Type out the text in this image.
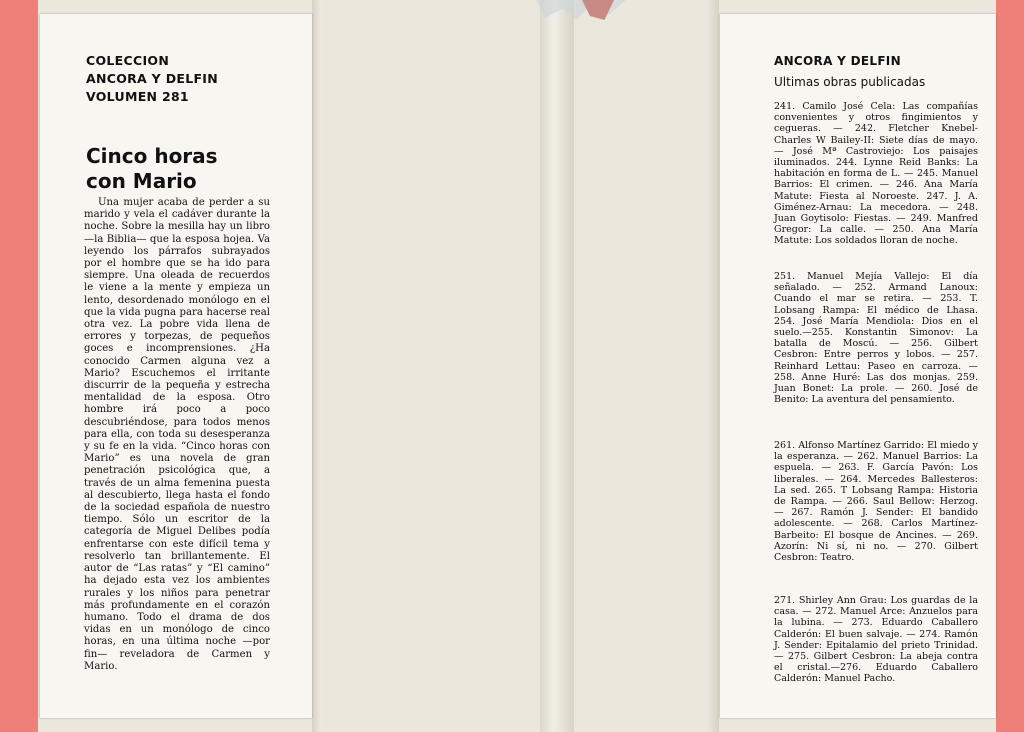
COLECCION
ANCORA Y DELFIN
VOLUMEN 281
Cinco horas
con Mario

Una mujer acaba de perder a su marido y vela el cadáver durante la noche. Sobre la mesilla hay un libro —la Biblia— que la esposa hojea. Va leyendo los párrafos subrayados por el hombre que se ha ido para siempre. Una oleada de recuerdos le viene a la mente y empieza un lento, desordenado monólogo en el que la vida pugna para hacerse real otra vez. La pobre vida llena de errores y torpezas, de pequeños goces e incomprensiones. ¿Ha conocido Carmen alguna vez a Mario? Escuchemos el irritante discurrir de la pequeña y estrecha mentalidad de la esposa. Otro hombre irá poco a poco descubriéndose, para todos menos para ella, con toda su desesperanza y su fe en la vida. “Cinco horas con Mario” es una novela de gran penetración psicológica que, a través de un alma femenina puesta al descubierto, llega hasta el fondo de la sociedad española de nuestro tiempo. Sólo un escritor de la categoría de Miguel Delibes podía enfrentarse con este difícil tema y resolverlo tan brillantemente. El autor de “Las ratas” y “El camino” ha dejado esta vez los ambientes rurales y los niños para penetrar más profundamente en el corazón humano. Todo el drama de dos vidas en un monólogo de cinco horas, en una última noche —por fin— reveladora de Carmen y Mario.

ANCORA Y DELFIN
Ultimas obras publicadas

241. Camilo José Cela: Las compañías convenientes y otros fingimientos y cegueras. — 242. Fletcher Knebel-Charles W Bailey-II: Siete días de mayo. — José Mª Castroviejo: Los paisajes iluminados. 244. Lynne Reid Banks: La habitación en forma de L. — 245. Manuel Barrios: El crimen. — 246. Ana María Matute: Fiesta al Noroeste. 247. J. A. Giménez-Arnau: La mecedora. — 248. Juan Goytisolo: Fiestas. — 249. Manfred Gregor: La calle. — 250. Ana María Matute: Los soldados lloran de noche.

251. Manuel Mejía Vallejo: El día señalado. — 252. Armand Lanoux: Cuando el mar se retira. — 253. T. Lobsang Rampa: El médico de Lhasa. 254. José María Mendiola: Dios en el suelo.—255. Konstantin Simonov: La batalla de Moscú. — 256. Gilbert Cesbron: Entre perros y lobos. — 257. Reinhard Lettau: Paseo en carroza. — 258. Anne Huré: Las dos monjas. 259. Juan Bonet: La prole. — 260. José de Benito: La aventura del pensamiento.

261. Alfonso Martínez Garrido: El miedo y la esperanza. — 262. Manuel Barrios: La espuela. — 263. F. García Pavón: Los liberales. — 264. Mercedes Ballesteros: La sed. 265. T Lobsang Rampa: Historia de Rampa. — 266. Saul Bellow: Herzog. — 267. Ramón J. Sender: El bandido adolescente. — 268. Carlos Martínez-Barbeito: El bosque de Ancines. — 269. Azorín: Ni sí, ni no. — 270. Gilbert Cesbron: Teatro.

271. Shirley Ann Grau: Los guardas de la casa. — 272. Manuel Arce: Anzuelos para la lubina. — 273. Eduardo Caballero Calderón: El buen salvaje. — 274. Ramón J. Sender: Epitalamio del prieto Trinidad. — 275. Gilbert Cesbron: La abeja contra el cristal.—276. Eduardo Caballero Calderón: Manuel Pacho.
